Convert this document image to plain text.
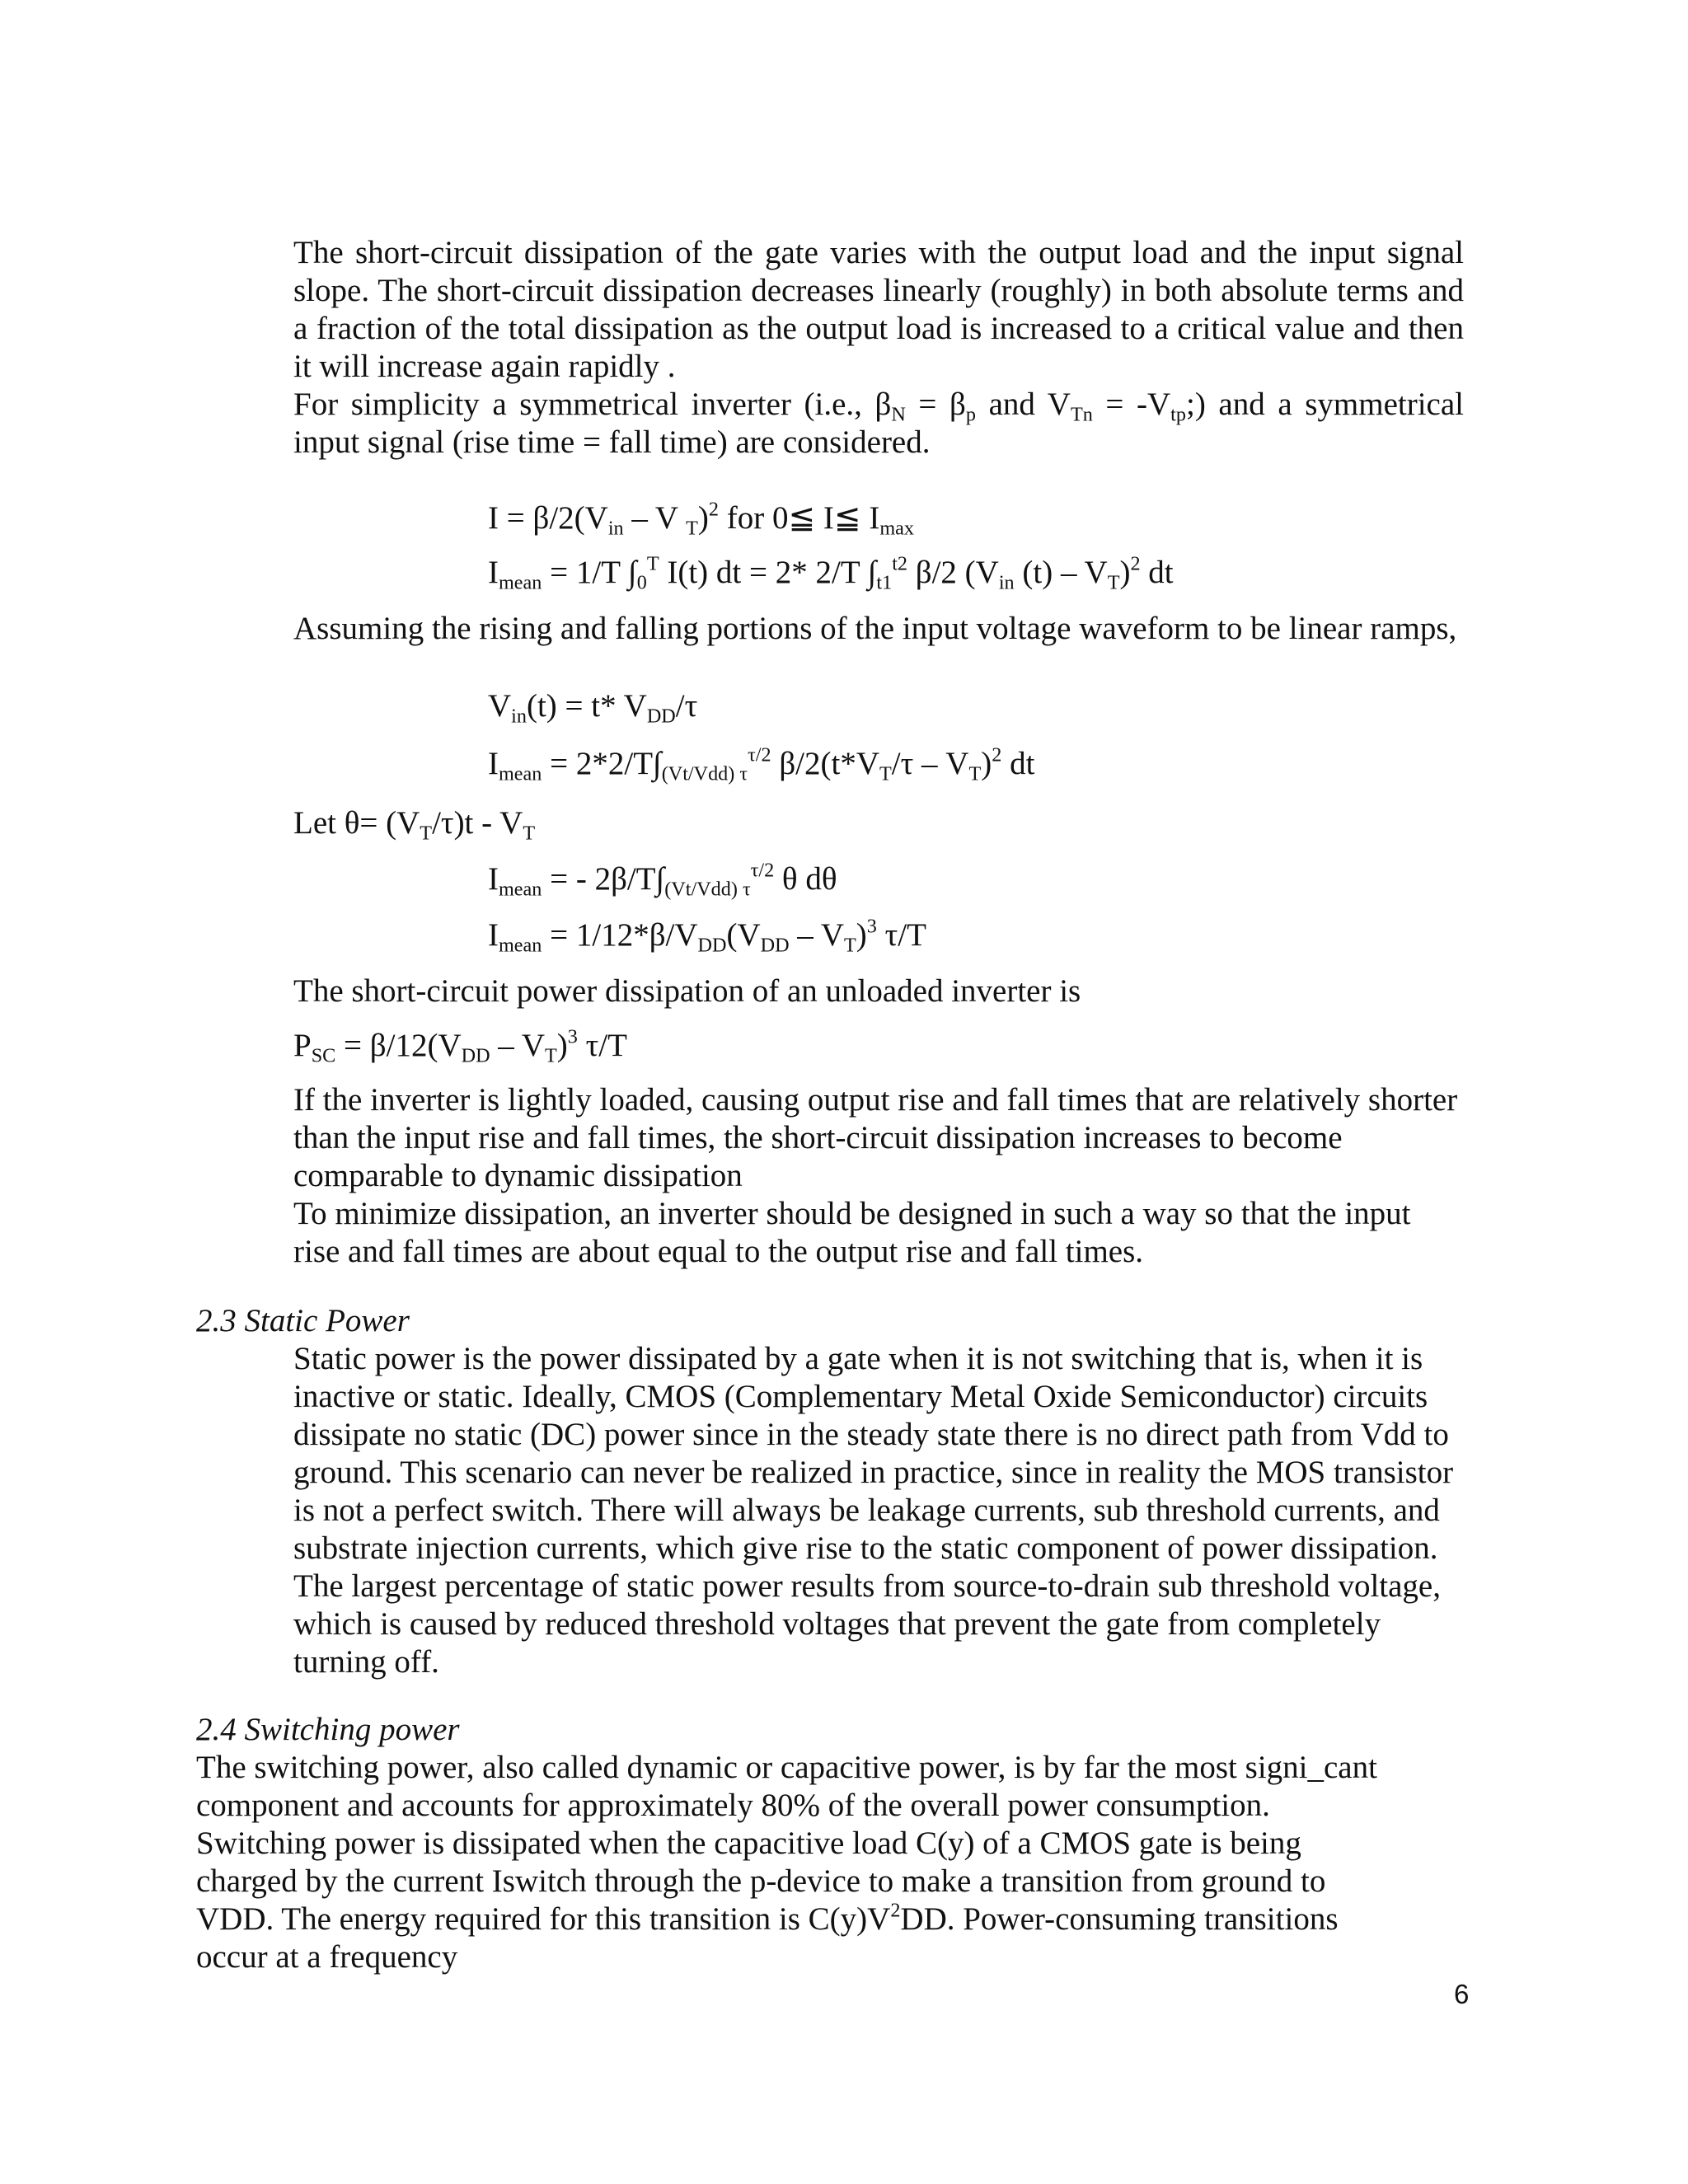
The short-circuit dissipation of the gate varies with the output load and the input signal slope. The short-circuit dissipation decreases linearly (roughly) in both absolute terms and a fraction of the total dissipation as the output load is increased to a critical value and then it will increase again rapidly .

For simplicity a symmetrical inverter (i.e., $\beta_N = \beta_p$ and $V_{Tn}$ = $-V_{tp}$;) and a symmetrical input signal (rise time = fall time) are considered.

$I = \beta/2(V_{in} - V$ $_T$)$^2$ for 0≦ I≦ $I_{max}$
$I_{mean} = 1/T$ $\int_0^T$ I(t) dt = 2* 2/T $\int_{t1}^{t2}$ β/2 ($V_{in}$ $(t) - V_T)^2$ dt

Assuming the rising and falling portions of the input voltage waveform to be linear ramps,

$V_{in}(t) = t*$ $V_{DD}/\tau$
$I_{mean} = 2*2/T\int_{(Vt/Vdd) \tau}^{\tau/2}$ $\beta/2(t*V_T/\tau - V_T)^2$ dt
Let $\theta= (V_T/\tau)t - V_T$
$I_{mean}$ = - $2\beta/T\int_{(Vt/Vdd) \tau}^{\tau/2}$ θ dθ
$I_{mean} = 1/12*\beta/V_{DD}(V_{DD} - V_T)^3$ τ/T

The short-circuit power dissipation of an unloaded inverter is

$P_{SC} = \beta/12(V_{DD} - V_T)^3$ τ/T

If the inverter is lightly loaded, causing output rise and fall times that are relatively shorter than the input rise and fall times, the short-circuit dissipation increases to become comparable to dynamic dissipation

To minimize dissipation, an inverter should be designed in such a way so that the input rise and fall times are about equal to the output rise and fall times.

2.3 Static Power

Static power is the power dissipated by a gate when it is not switching that is, when it is inactive or static. Ideally, CMOS (Complementary Metal Oxide Semiconductor) circuits dissipate no static (DC) power since in the steady state there is no direct path from Vdd to ground. This scenario can never be realized in practice, since in reality the MOS transistor is not a perfect switch. There will always be leakage currents, sub threshold currents, and substrate injection currents, which give rise to the static component of power dissipation. The largest percentage of static power results from source-to-drain sub threshold voltage, which is caused by reduced threshold voltages that prevent the gate from completely turning off.

2.4 Switching power

The switching power, also called dynamic or capacitive power, is by far the most signi_cant component and accounts for approximately 80% of the overall power consumption. Switching power is dissipated when the capacitive load C(y) of a CMOS gate is being charged by the current Iswitch through the p-device to make a transition from ground to VDD. The energy required for this transition is $C(y)V^2DD$. Power-consuming transitions occur at a frequency

6
